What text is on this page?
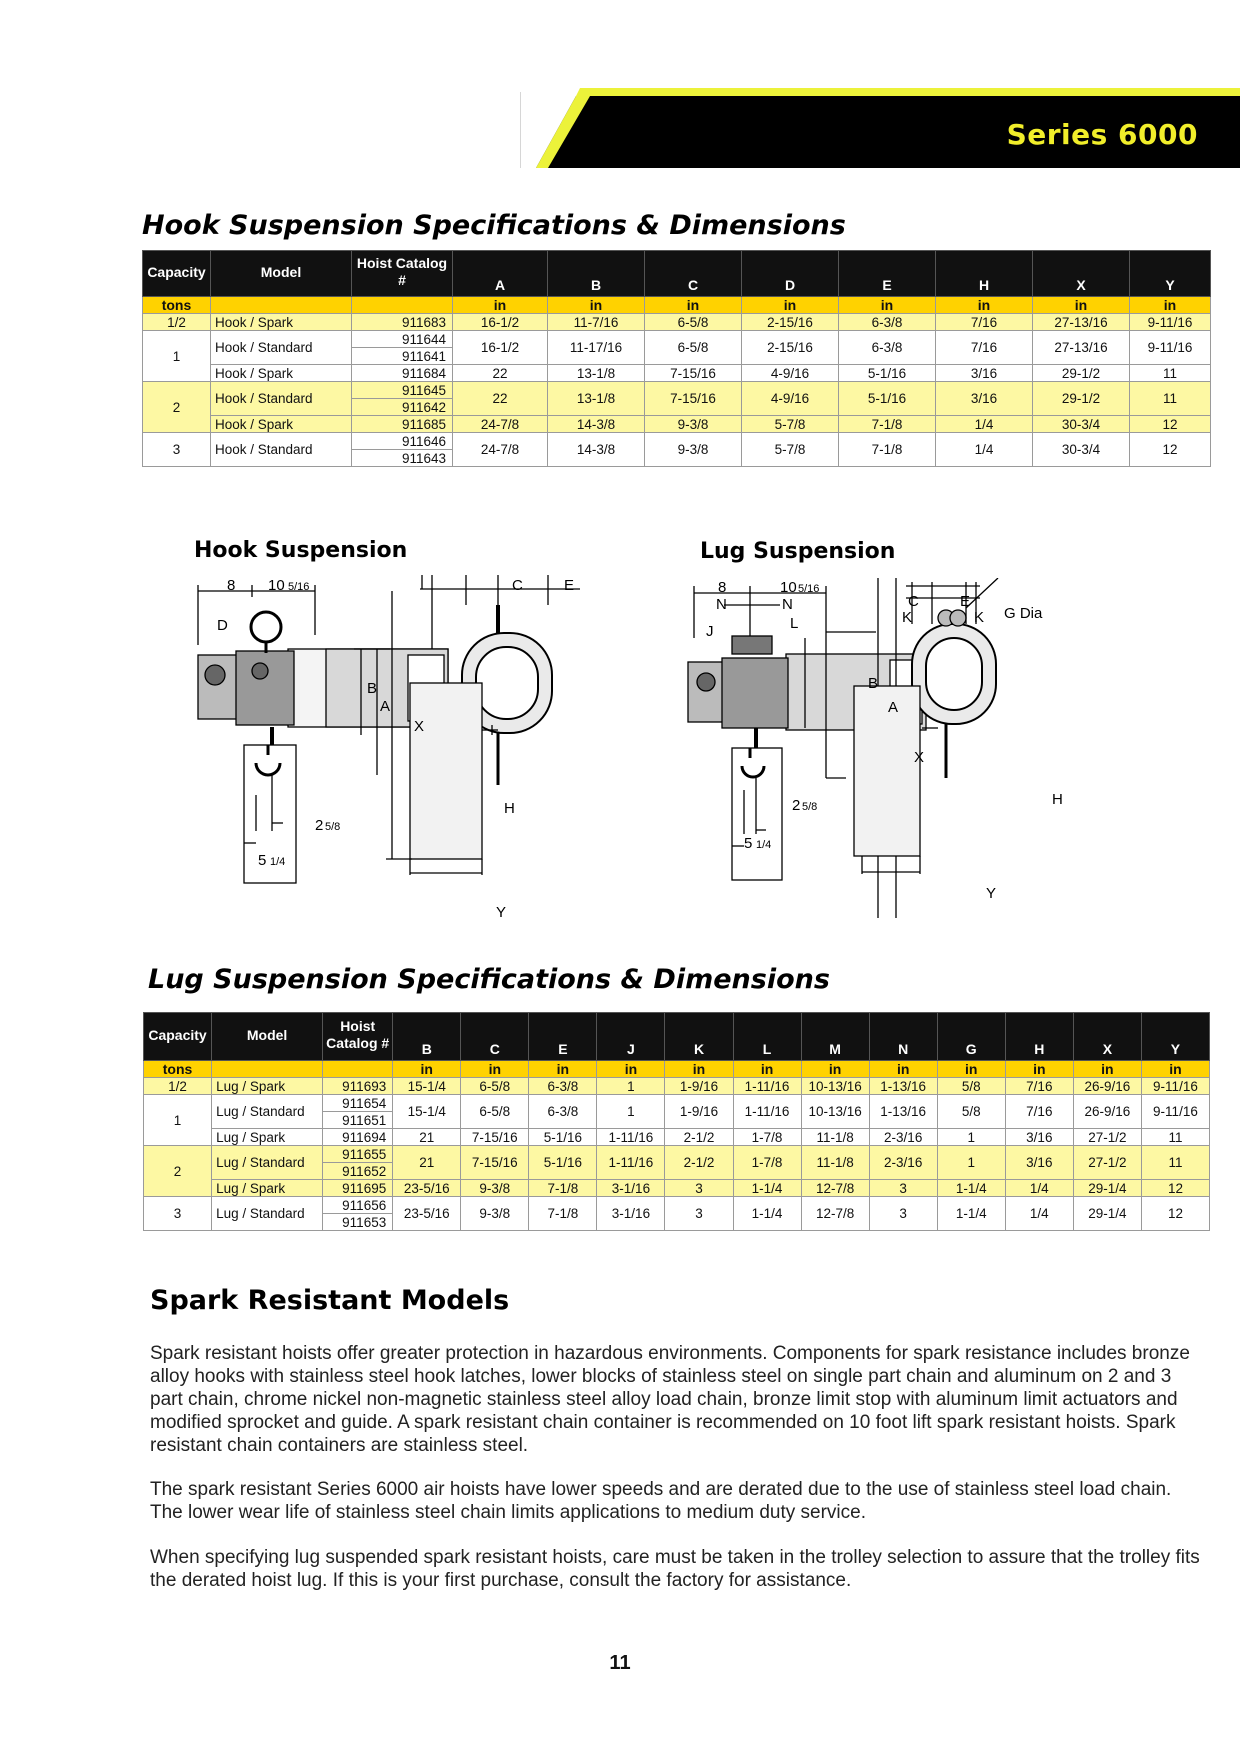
Series 6000
Hook Suspension Specifications & Dimensions
Capacity	Model	Hoist Catalog #	A	B	C	D	E	H	X	Y
tons			in	in	in	in	in	in	in	in
1/2	Hook / Spark	911683	16-1/2	11-7/16	6-5/8	2-15/16	6-3/8	7/16	27-13/16	9-11/16
1	Hook / Standard	911644	16-1/2	11-17/16	6-5/8	2-15/16	6-3/8	7/16	27-13/16	9-11/16
		911641								
	Hook / Spark	911684	22	13-1/8	7-15/16	4-9/16	5-1/16	3/16	29-1/2	11
2	Hook / Standard	911645	22	13-1/8	7-15/16	4-9/16	5-1/16	3/16	29-1/2	11
		911642								
	Hook / Spark	911685	24-7/8	14-3/8	9-3/8	5-7/8	7-1/8	1/4	30-3/4	12
3	Hook / Standard	911646	24-7/8	14-3/8	9-3/8	5-7/8	7-1/8	1/4	30-3/4	12
		911643								
Hook Suspension	Lug Suspension
8 10 5/16
D
B
A
X
C	E
H
Y
2 5/8
5 1/4
8	10 5/16
N	N
J	L
B
A
X
C	E
K	K G Dia
H
Y
2 5/8
5 1/4
Lug Suspension Specifications & Dimensions
Capacity	Model	Hoist Catalog #	B	C	E	J	K	L	M	N	G	H	X	Y
tons			in	in	in	in	in	in	in	in	in	in	in	in
1/2	Lug / Spark	911693	15-1/4	6-5/8	6-3/8	1	1-9/16	1-11/16	10-13/16	1-13/16	5/8	7/16	26-9/16	9-11/16
1	Lug / Standard	911654	15-1/4	6-5/8	6-3/8	1	1-9/16	1-11/16	10-13/16	1-13/16	5/8	7/16	26-9/16	9-11/16
		911651												
	Lug / Spark	911694	21	7-15/16	5-1/16	1-11/16	2-1/2	1-7/8	11-1/8	2-3/16	1	3/16	27-1/2	11
2	Lug / Standard	911655	21	7-15/16	5-1/16	1-11/16	2-1/2	1-7/8	11-1/8	2-3/16	1	3/16	27-1/2	11
		911652												
	Lug / Spark	911695	23-5/16	9-3/8	7-1/8	3-1/16	3	1-1/4	12-7/8	3	1-1/4	1/4	29-1/4	12
3	Lug / Standard	911656	23-5/16	9-3/8	7-1/8	3-1/16	3	1-1/4	12-7/8	3	1-1/4	1/4	29-1/4	12
		911653												
Spark Resistant Models

Spark resistant hoists offer greater protection in hazardous environments. Components for spark resistance includes bronze alloy hooks with stainless steel hook latches, lower blocks of stainless steel on single part chain and aluminum on 2 and 3 part chain, chrome nickel non-magnetic stainless steel alloy load chain, bronze limit stop with aluminum limit actuators and modified sprocket and guide. A spark resistant chain container is recommended on 10 foot lift spark resistant hoists. Spark resistant chain containers are stainless steel.

The spark resistant Series 6000 air hoists have lower speeds and are derated due to the use of stainless steel load chain. The lower wear life of stainless steel chain limits applications to medium duty service.

When specifying lug suspended spark resistant hoists, care must be taken in the trolley selection to assure that the trolley fits the derated hoist lug. If this is your first purchase, consult the factory for assistance.

11
